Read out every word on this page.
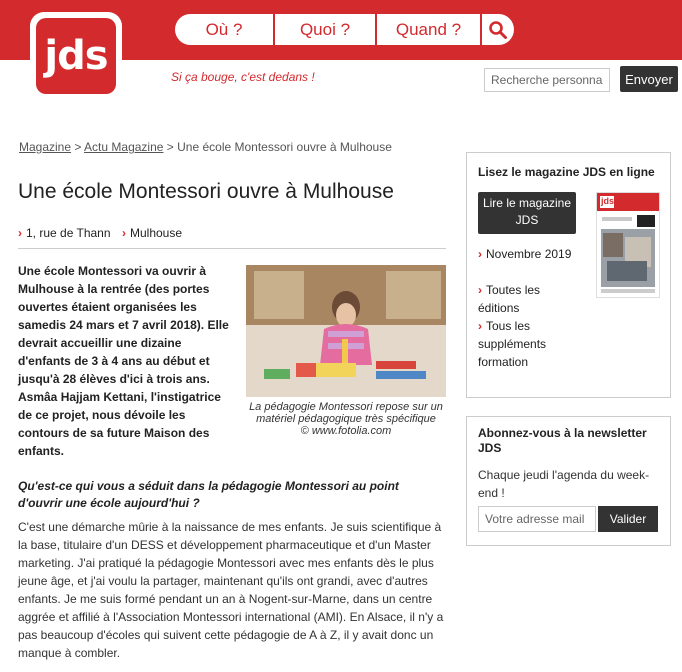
jds
Où ?	Quoi ?	Quand ?
Si ça bouge, c'est dedans !	Recherche personna	Envoyer
Magazine > Actu Magazine > Une école Montessori ouvre à Mulhouse
Une école Montessori ouvre à Mulhouse
› 1, rue de Thann › Mulhouse
Une école Montessori va ouvrir à Mulhouse à la rentrée (des portes ouvertes étaient organisées les samedis 24 mars et 7 avril 2018). Elle devrait accueillir une dizaine d'enfants de 3 à 4 ans au début et jusqu'à 28 élèves d'ici à trois ans. Asmâa Hajjam Kettani, l'instigatrice de ce projet, nous dévoile les contours de sa future Maison des enfants.
La pédagogie Montessori repose sur un matériel pédagogique très spécifique
© www.fotolia.com
Qu'est-ce qui vous a séduit dans la pédagogie Montessori au point d'ouvrir une école aujourd'hui ?
C'est une démarche mûrie à la naissance de mes enfants. Je suis scientifique à la base, titulaire d'un DESS et développement pharmaceutique et d'un Master marketing. J'ai pratiqué la pédagogie Montessori avec mes enfants dès le plus jeune âge, et j'ai voulu la partager, maintenant qu'ils ont grandi, avec d'autres enfants. Je me suis formé pendant un an à Nogent-sur-Marne, dans un centre aggrée et affilié à l'Association Montessori international (AMI). En Alsace, il n'y a pas beaucoup d'écoles qui suivent cette pédagogie de A à Z, il y avait donc un manque à combler.
Lisez le magazine JDS en ligne
Lire le magazine JDS
jds
› Novembre 2019
› Toutes les éditions
› Tous les suppléments formation
Abonnez-vous à la newsletter JDS
Chaque jeudi l'agenda du week-end !
Votre adresse mail	Valider
